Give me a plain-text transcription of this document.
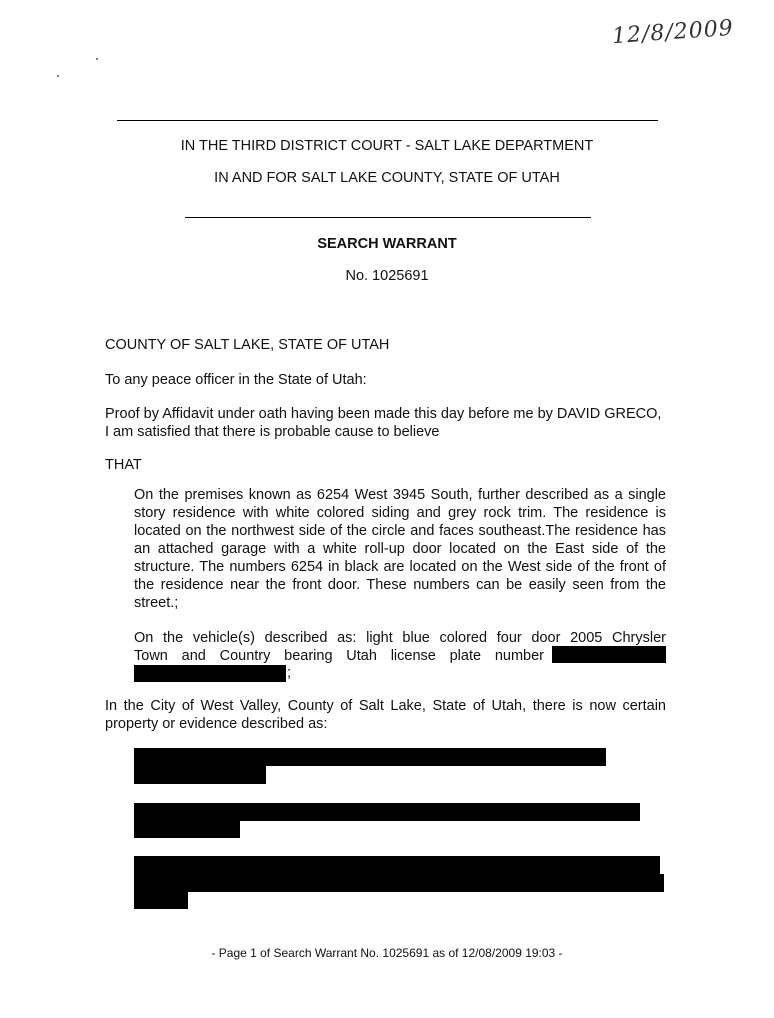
12/8/2009
IN THE THIRD DISTRICT COURT - SALT LAKE DEPARTMENT
IN AND FOR SALT LAKE COUNTY, STATE OF UTAH
SEARCH WARRANT
No. 1025691
COUNTY OF SALT LAKE, STATE OF UTAH
To any peace officer in the State of Utah:
Proof by Affidavit under oath having been made this day before me by DAVID GRECO,
I am satisfied that there is probable cause to believe
THAT
On the premises known as 6254 West 3945 South, further described as a single story residence with white colored siding and grey rock trim. The residence is located on the northwest side of the circle and faces southeast.The residence has an attached garage with a white roll-up door located on the East side of the structure. The numbers 6254 in black are located on the West side of the front of the residence near the front door. These numbers can be easily seen from the street.;
On the vehicle(s) described as: light blue colored four door 2005 Chrysler
Town and Country bearing Utah license plate number
;
In the City of West Valley, County of Salt Lake, State of Utah, there is now certain property or evidence described as:
- Page 1 of Search Warrant No. 1025691 as of 12/08/2009 19:03 -
